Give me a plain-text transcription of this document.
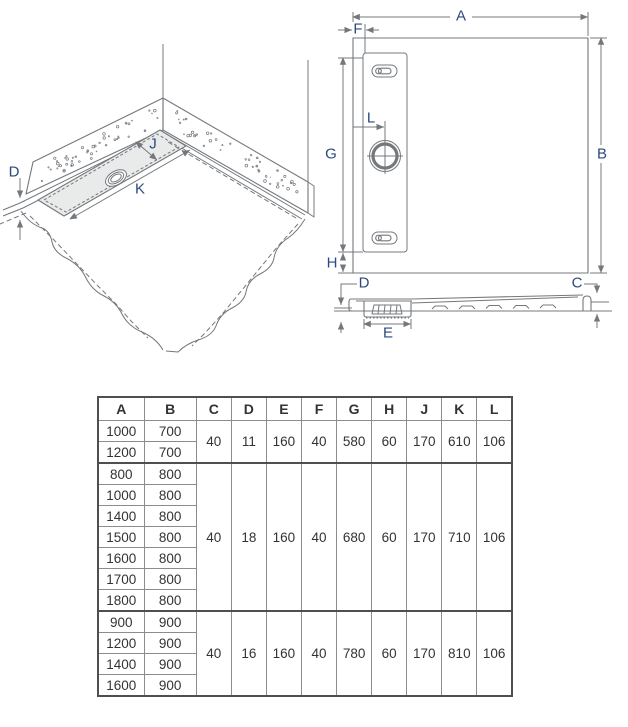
D
J
K
A
F
L
G	B
H
D	C
E
A	B	C	D	E	F	G	H	J	K	L
1000	700	40	11	160	40	580	60	170	610	106
1200	700									
800	800	40	18	160	40	680	60	170	710	106
1000	800									
1400	800									
1500	800									
1600	800									
1700	800									
1800	800									
900	900	40	16	160	40	780	60	170	810	106
1200	900									
1400	900									
1600	900									
